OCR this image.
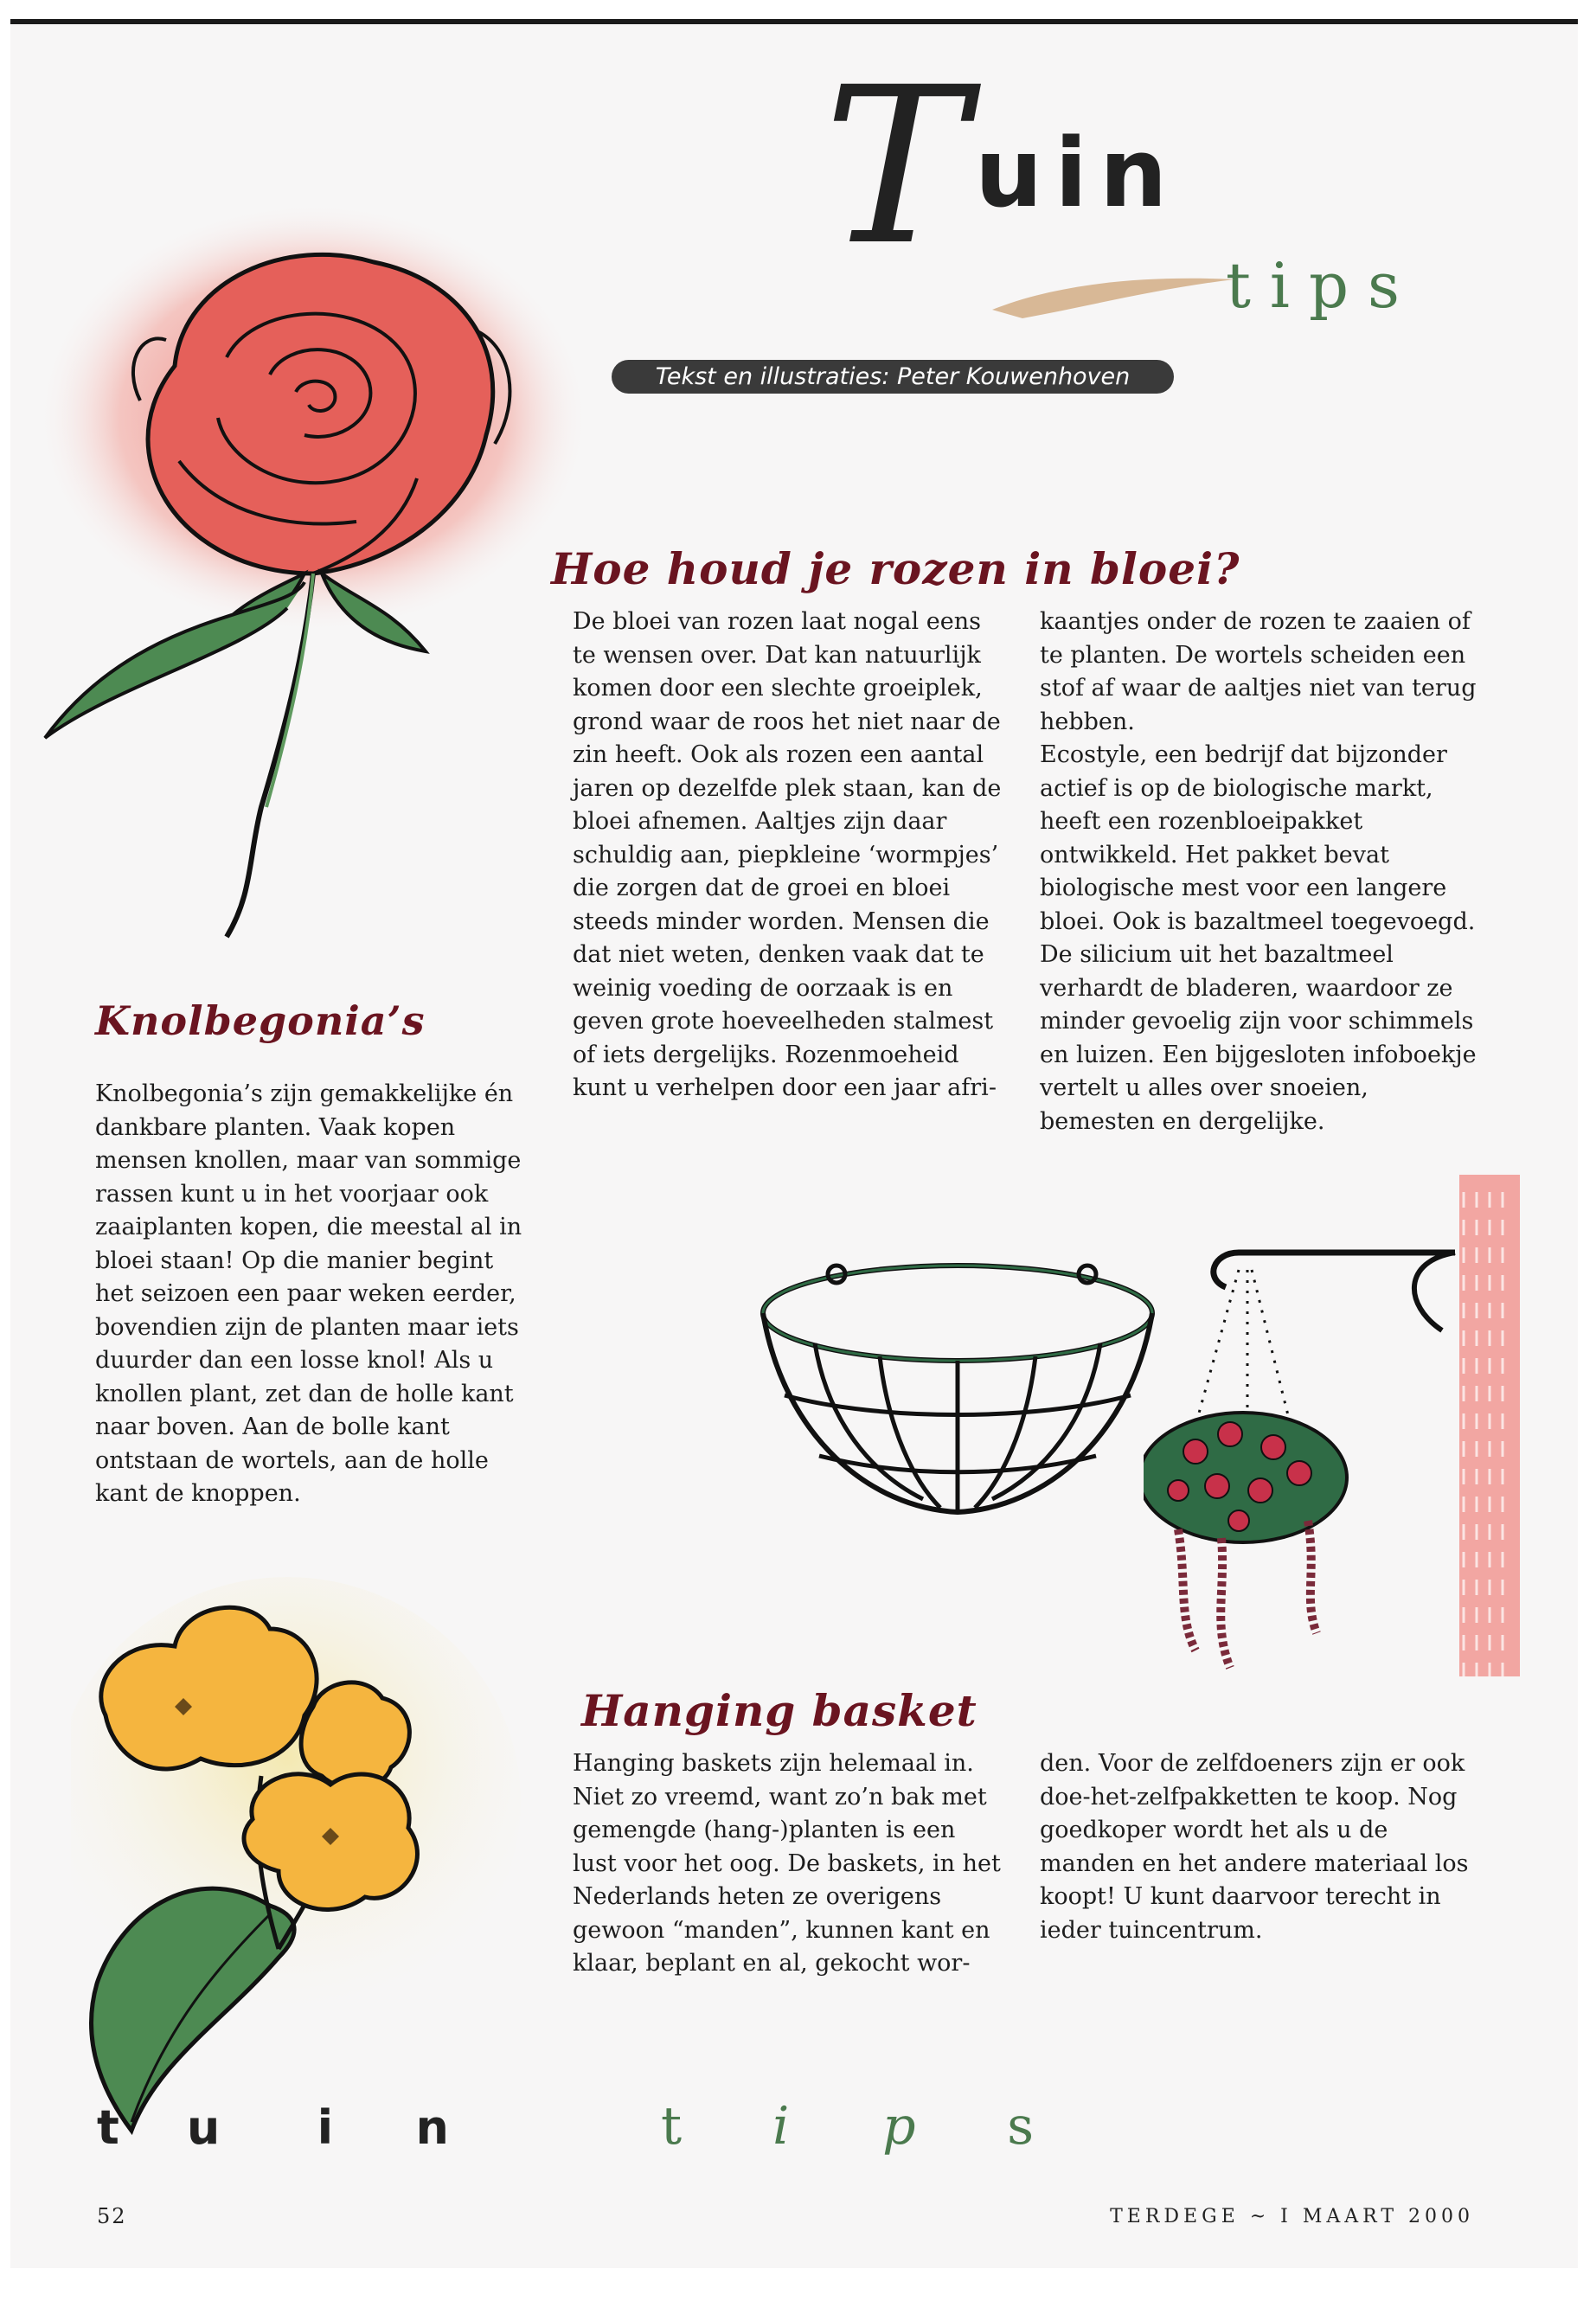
T uin
tips
Tekst en illustraties: Peter Kouwenhoven
Hoe houd je rozen in bloei?

De bloei van rozen laat nogal eens te wensen over. Dat kan natuurlijk komen door een slechte groeiplek, grond waar de roos het niet naar de zin heeft. Ook als rozen een aantal jaren op dezelfde plek staan, kan de bloei afnemen. Aaltjes zijn daar schuldig aan, piepkleine ‘wormpjes’ die zorgen dat de groei en bloei steeds minder worden. Mensen die dat niet weten, denken vaak dat te weinig voeding de oorzaak is en geven grote hoeveelheden stalmest of iets dergelijks. Rozenmoeheid kunt u verhelpen door een jaar afri-

kaantjes onder de rozen te zaaien of te planten. De wortels scheiden een stof af waar de aaltjes niet van terug hebben.

Ecostyle, een bedrijf dat bijzonder actief is op de biologische markt, heeft een rozenbloeipakket ontwikkeld. Het pakket bevat biologische mest voor een langere bloei. Ook is bazaltmeel toegevoegd. De silicium uit het bazaltmeel verhardt de bladeren, waardoor ze minder gevoelig zijn voor schimmels en luizen. Een bijgesloten infoboekje vertelt u alles over snoeien, bemesten en dergelijke.

Knolbegonia’s

Knolbegonia’s zijn gemakkelijke én dankbare planten. Vaak kopen mensen knollen, maar van sommige rassen kunt u in het voorjaar ook zaaiplanten kopen, die meestal al in bloei staan! Op die manier begint het seizoen een paar weken eerder, bovendien zijn de planten maar iets duurder dan een losse knol! Als u knollen plant, zet dan de holle kant naar boven. Aan de bolle kant ontstaan de wortels, aan de holle kant de knoppen.

Hanging basket

Hanging baskets zijn helemaal in. Niet zo vreemd, want zo’n bak met gemengde (hang-)planten is een lust voor het oog. De baskets, in het Nederlands heten ze overigens gewoon “manden”, kunnen kant en klaar, beplant en al, gekocht wor-

den. Voor de zelfdoeners zijn er ook doe-het-zelfpakketten te koop. Nog goedkoper wordt het als u de manden en het andere materiaal los koopt! U kunt daarvoor terecht in ieder tuincentrum.

t u i n	t i p s
52	TERDEGE ~ I MAART 2000
